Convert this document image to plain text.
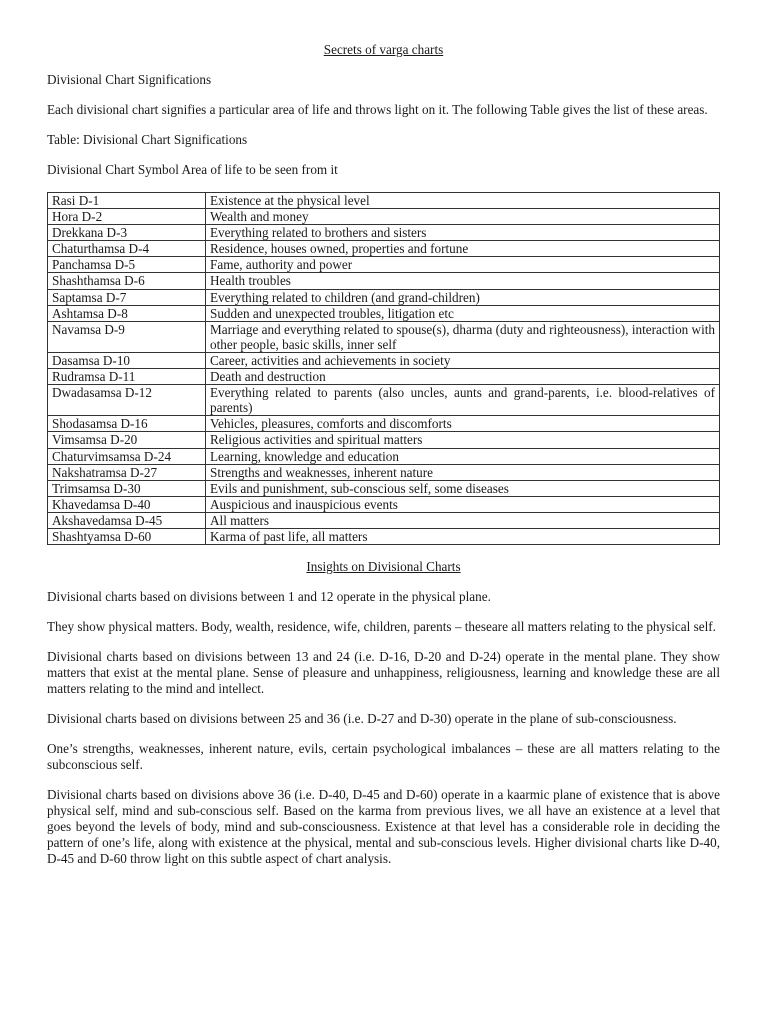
Secrets of varga charts
Divisional Chart Significations

Each divisional chart signifies a particular area of life and throws light on it. The following Table gives the list of these areas.

Table: Divisional Chart Significations
Divisional Chart Symbol Area of life to be seen from it
Rasi D-1	Existence at the physical level
Hora D-2	Wealth and money
Drekkana D-3	Everything related to brothers and sisters
Chaturthamsa D-4	Residence, houses owned, properties and fortune
Panchamsa D-5	Fame, authority and power
Shashthamsa D-6	Health troubles
Saptamsa D-7	Everything related to children (and grand-children)
Ashtamsa D-8	Sudden and unexpected troubles, litigation etc
Navamsa D-9	Marriage and everything related to spouse(s), dharma (duty and righteousness), interaction with other people, basic skills, inner self
Dasamsa D-10	Career, activities and achievements in society
Rudramsa D-11	Death and destruction
Dwadasamsa D-12	Everything related to parents (also uncles, aunts and grand-parents, i.e. blood-relatives of parents)
Shodasamsa D-16	Vehicles, pleasures, comforts and discomforts
Vimsamsa D-20	Religious activities and spiritual matters
Chaturvimsamsa D-24	Learning, knowledge and education
Nakshatramsa D-27	Strengths and weaknesses, inherent nature
Trimsamsa D-30	Evils and punishment, sub-conscious self, some diseases
Khavedamsa D-40	Auspicious and inauspicious events
Akshavedamsa D-45	All matters
Shashtyamsa D-60	Karma of past life, all matters
Insights on Divisional Charts

Divisional charts based on divisions between 1 and 12 operate in the physical plane.

They show physical matters. Body, wealth, residence, wife, children, parents – theseare all matters relating to the physical self.

Divisional charts based on divisions between 13 and 24 (i.e. D-16, D-20 and D-24) operate in the mental plane. They show matters that exist at the mental plane. Sense of pleasure and unhappiness, religiousness, learning and knowledge these are all matters relating to the mind and intellect.

Divisional charts based on divisions between 25 and 36 (i.e. D-27 and D-30) operate in the plane of sub-consciousness.

One’s strengths, weaknesses, inherent nature, evils, certain psychological imbalances – these are all matters relating to the subconscious self.

Divisional charts based on divisions above 36 (i.e. D-40, D-45 and D-60) operate in a kaarmic plane of existence that is above physical self, mind and sub-conscious self. Based on the karma from previous lives, we all have an existence at a level that goes beyond the levels of body, mind and sub-consciousness. Existence at that level has a considerable role in deciding the pattern of one’s life, along with existence at the physical, mental and sub-conscious levels. Higher divisional charts like D-40, D-45 and D-60 throw light on this subtle aspect of chart analysis.
